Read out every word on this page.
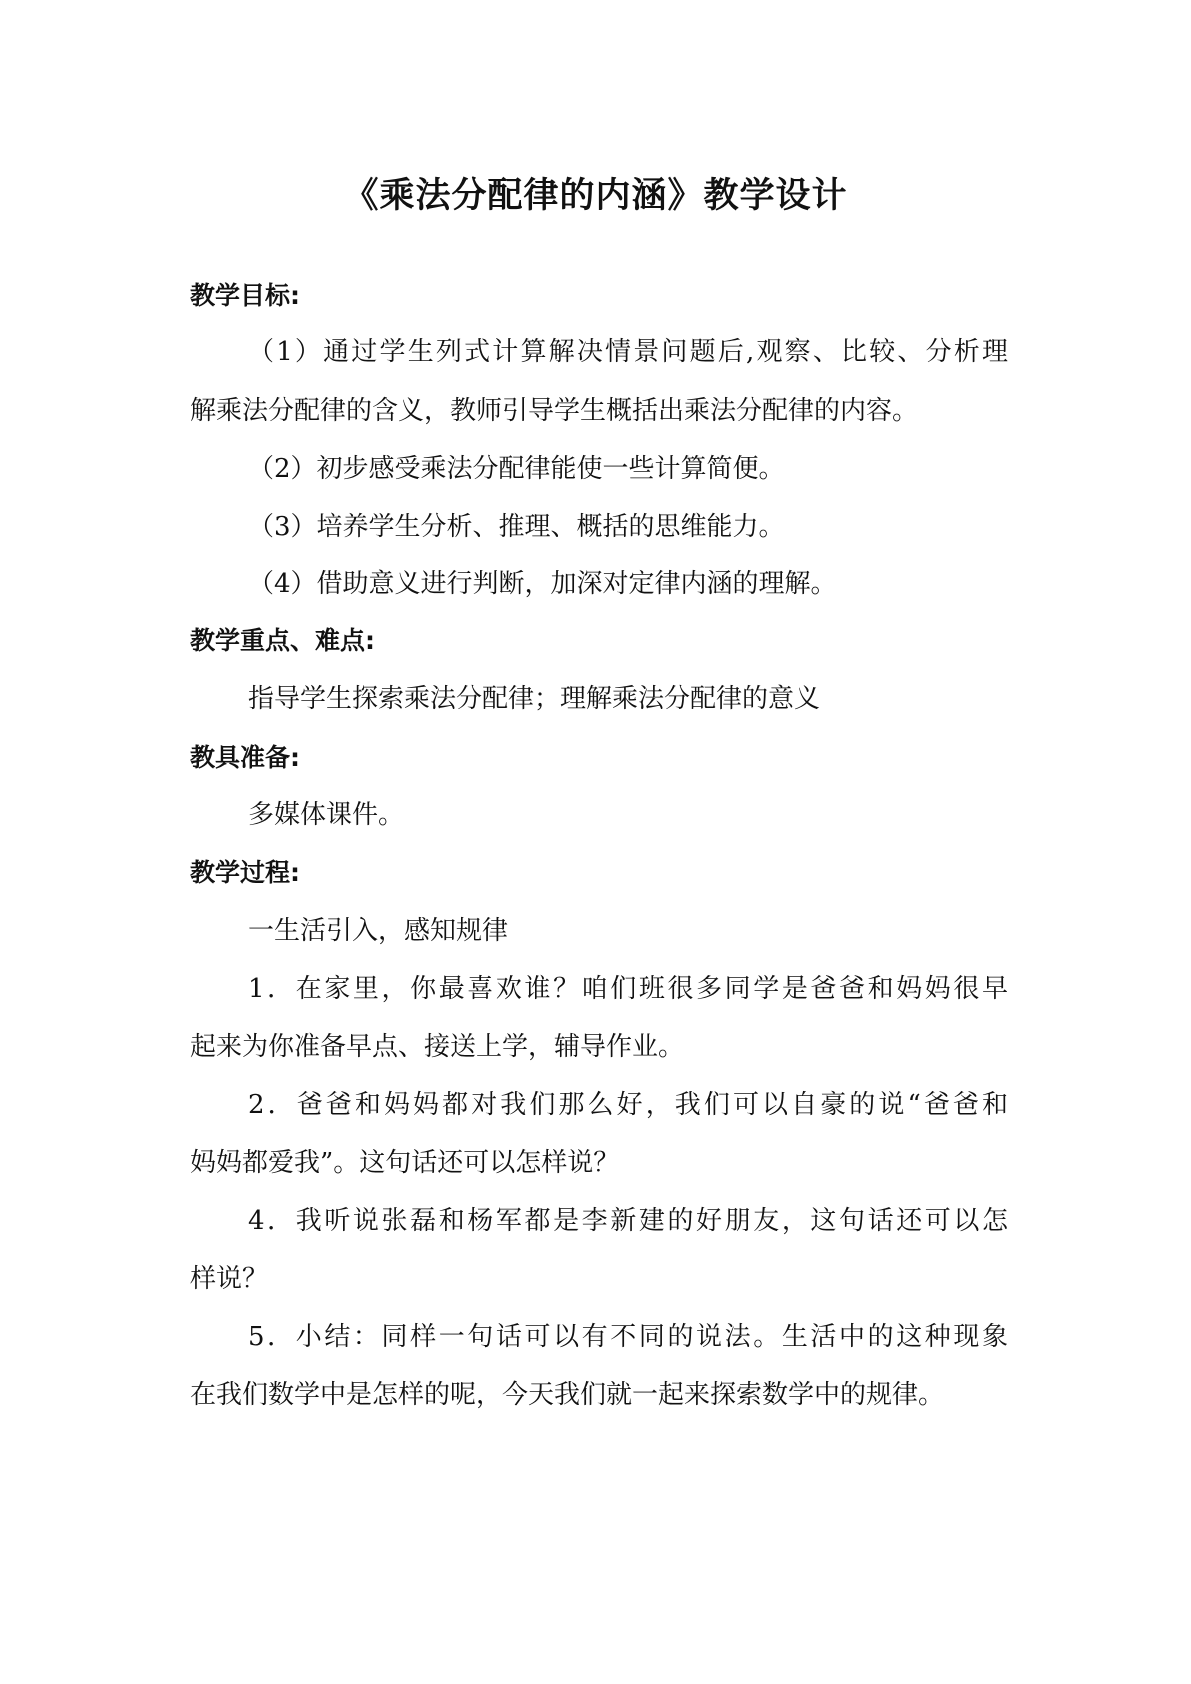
《乘法分配律的内涵》教学设计
教学目标:
（1）通过学生列式计算解决情景问题后,观察、比较、分析理
解乘法分配律的含义，教师引导学生概括出乘法分配律的内容。
（2）初步感受乘法分配律能使一些计算简便。
（3）培养学生分析、推理、概括的思维能力。
（4）借助意义进行判断，加深对定律内涵的理解。
教学重点、难点:
指导学生探索乘法分配律；理解乘法分配律的意义
教具准备:
多媒体课件。
教学过程:
一生活引入，感知规律
1．在家里，你最喜欢谁？咱们班很多同学是爸爸和妈妈很早
起来为你准备早点、接送上学，辅导作业。
2．爸爸和妈妈都对我们那么好，我们可以自豪的说“爸爸和
妈妈都爱我”。这句话还可以怎样说？
4．我听说张磊和杨军都是李新建的好朋友，这句话还可以怎
样说？
5．小结：同样一句话可以有不同的说法。生活中的这种现象
在我们数学中是怎样的呢，今天我们就一起来探索数学中的规律。
